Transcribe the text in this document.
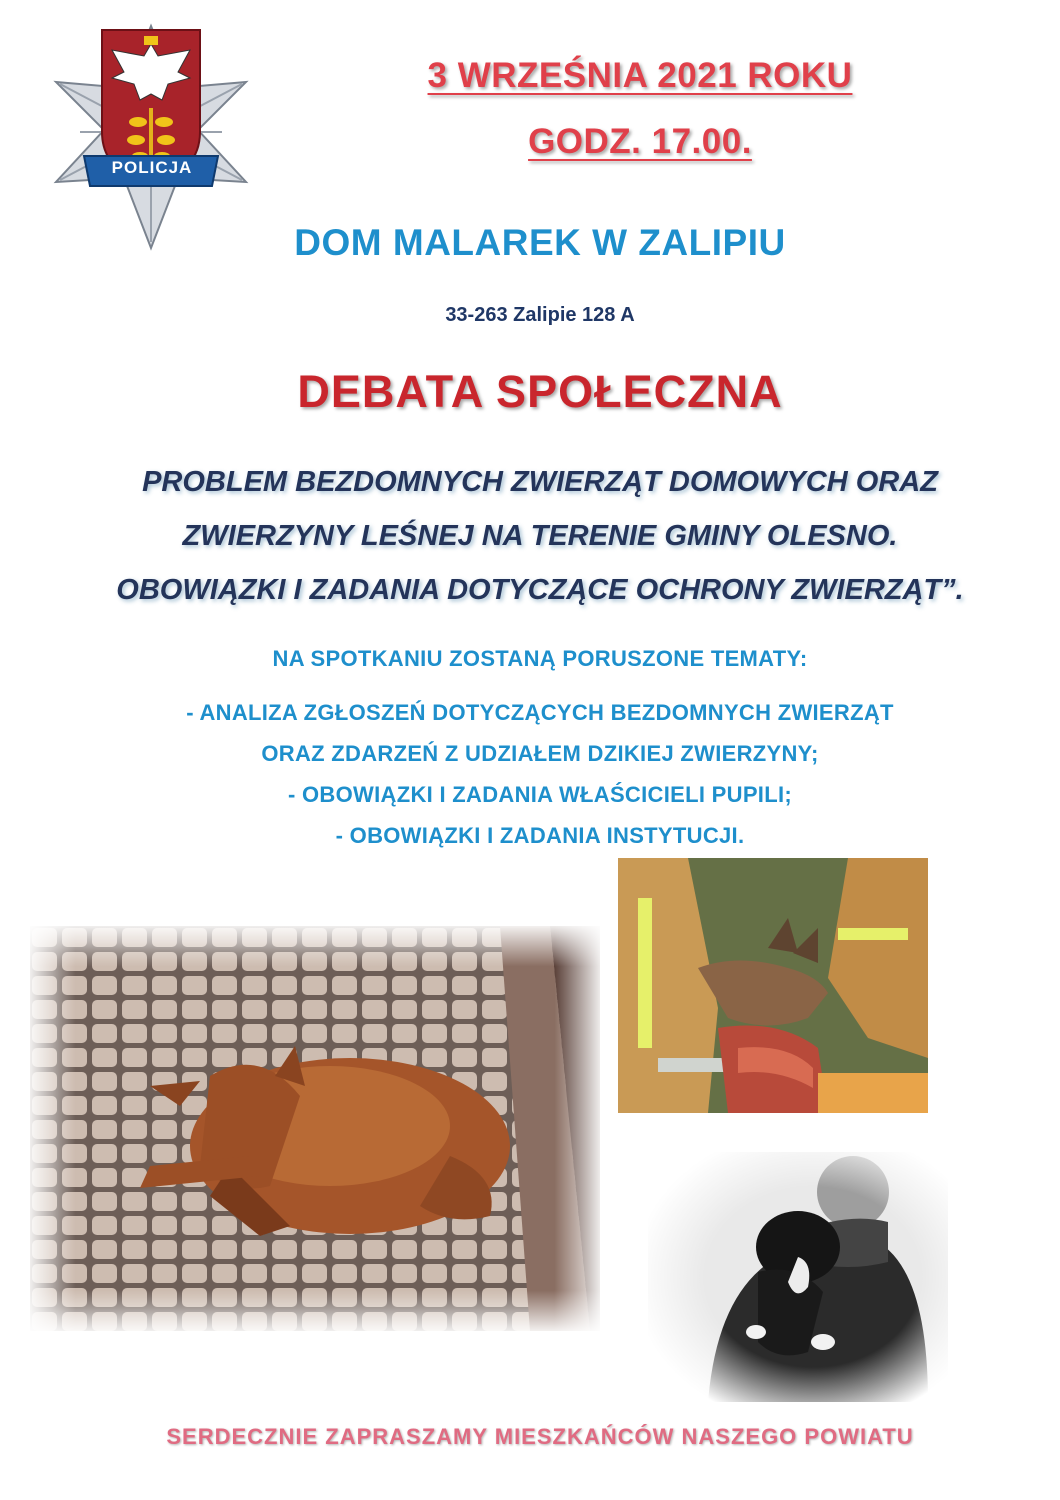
POLICJA
3 WRZEŚNIA 2021 ROKU
GODZ. 17.00.
DOM MALAREK W ZALIPIU
33-263 Zalipie 128 A
DEBATA SPOŁECZNA
PROBLEM BEZDOMNYCH ZWIERZĄT DOMOWYCH ORAZ
ZWIERZYNY LEŚNEJ NA TERENIE GMINY OLESNO.
OBOWIĄZKI I ZADANIA DOTYCZĄCE OCHRONY ZWIERZĄT”.
NA SPOTKANIU ZOSTANĄ PORUSZONE TEMATY:
- ANALIZA ZGŁOSZEŃ DOTYCZĄCYCH BEZDOMNYCH ZWIERZĄT
ORAZ ZDARZEŃ Z UDZIAŁEM DZIKIEJ ZWIERZYNY;
- OBOWIĄZKI I ZADANIA WŁAŚCICIELI PUPILI;
- OBOWIĄZKI I ZADANIA INSTYTUCJI.
SERDECZNIE ZAPRASZAMY MIESZKAŃCÓW NASZEGO POWIATU
